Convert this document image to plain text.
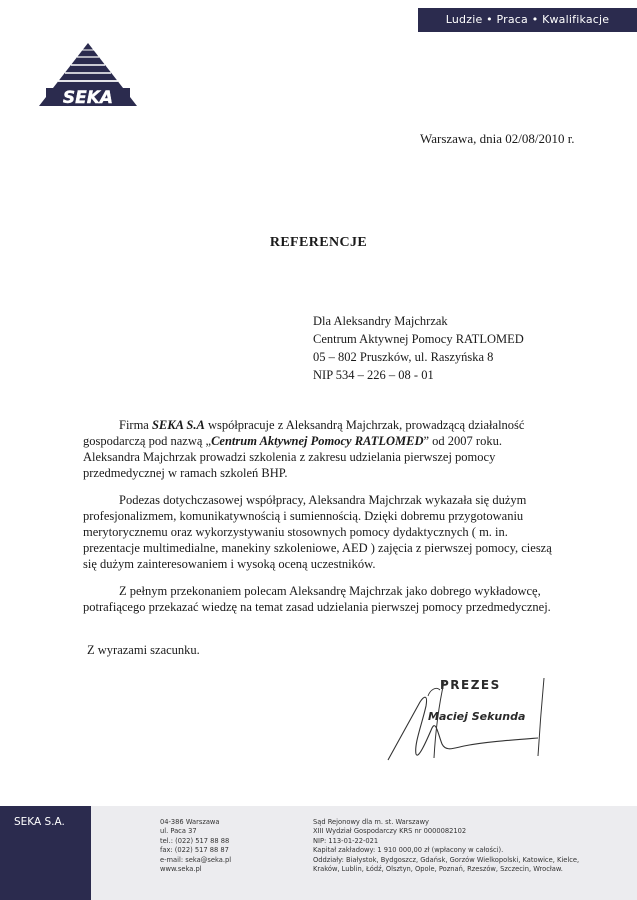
Ludzie • Praca • Kwalifikacje
SEKA
Warszawa, dnia 02/08/2010 r.
REFERENCJE
Dla Aleksandry Majchrzak
Centrum Aktywnej Pomocy RATLOMED
05 – 802 Pruszków, ul. Raszyńska 8
NIP 534 – 226 – 08 - 01
Firma SEKA S.A współpracuje z Aleksandrą Majchrzak, prowadzącą działalność
gospodarczą pod nazwą „Centrum Aktywnej Pomocy RATLOMED” od 2007 roku.
Aleksandra Majchrzak prowadzi szkolenia z zakresu udzielania pierwszej pomocy
przedmedycznej w ramach szkoleń BHP.
Podezas dotychczasowej współpracy, Aleksandra Majchrzak wykazała się dużym
profesjonalizmem, komunikatywnością i sumiennością. Dzięki dobremu przygotowaniu
merytorycznemu oraz wykorzystywaniu stosownych pomocy dydaktycznych ( m. in.
prezentacje multimedialne, manekiny szkoleniowe, AED ) zajęcia z pierwszej pomocy, cieszą
się dużym zainteresowaniem i wysoką oceną uczestników.
Z pełnym przekonaniem polecam Aleksandrę Majchrzak jako dobrego wykładowcę,
potrafiącego przekazać wiedzę na temat zasad udzielania pierwszej pomocy przedmedycznej.
Z wyrazami szacunku.
PREZES
Maciej Sekunda
SEKA S.A.	04-386 Warszawa
ul. Paca 37
tel.: (022) 517 88 88
fax: (022) 517 88 87
e-mail: seka@seka.pl
www.seka.pl
Sąd Rejonowy dla m. st. Warszawy
XIII Wydział Gospodarczy KRS nr 0000082102
NIP: 113-01-22-021
Kapitał zakładowy: 1 910 000,00 zł (wpłacony w całości).
Oddziały: Białystok, Bydgoszcz, Gdańsk, Gorzów Wielkopolski, Katowice, Kielce,
Kraków, Lublin, Łódź, Olsztyn, Opole, Poznań, Rzeszów, Szczecin, Wrocław.
